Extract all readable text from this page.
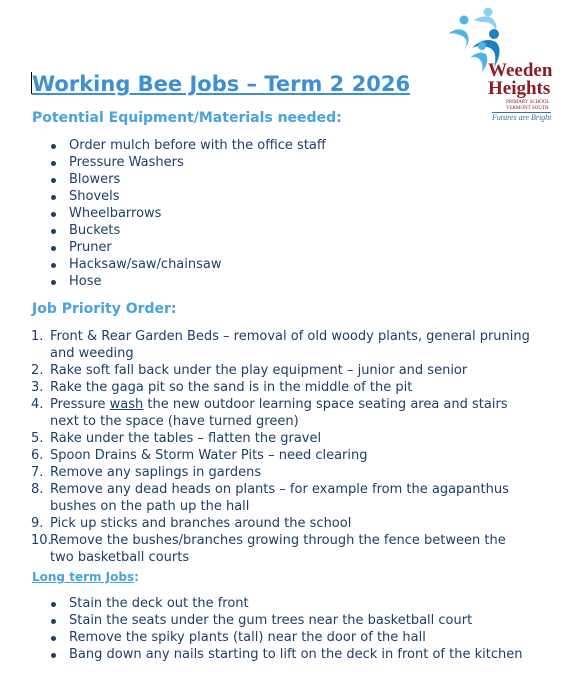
Weeden
Heights
PRIMARY SCHOOL
VERMONT SOUTH
Futures are Bright
Working Bee Jobs – Term 2 2026
Potential Equipment/Materials needed:
Order mulch before with the office staff
Pressure Washers
Blowers
Shovels
Wheelbarrows
Buckets
Pruner
Hacksaw/saw/chainsaw
Hose
Job Priority Order:
1. Front & Rear Garden Beds – removal of old woody plants, general pruning and weeding
2. Rake soft fall back under the play equipment – junior and senior
3. Rake the gaga pit so the sand is in the middle of the pit
4. Pressure wash the new outdoor learning space seating area and stairs next to the space (have turned green)
5. Rake under the tables – flatten the gravel
6. Spoon Drains & Storm Water Pits – need clearing
7. Remove any saplings in gardens
8. Remove any dead heads on plants – for example from the agapanthus bushes on the path up the hall
9. Pick up sticks and branches around the school
10.
Remove the bushes/branches growing through the fence between the two basketball courts
Long term Jobs:
Stain the deck out the front
Stain the seats under the gum trees near the basketball court
Remove the spiky plants (tall) near the door of the hall
Bang down any nails starting to lift on the deck in front of the kitchen
